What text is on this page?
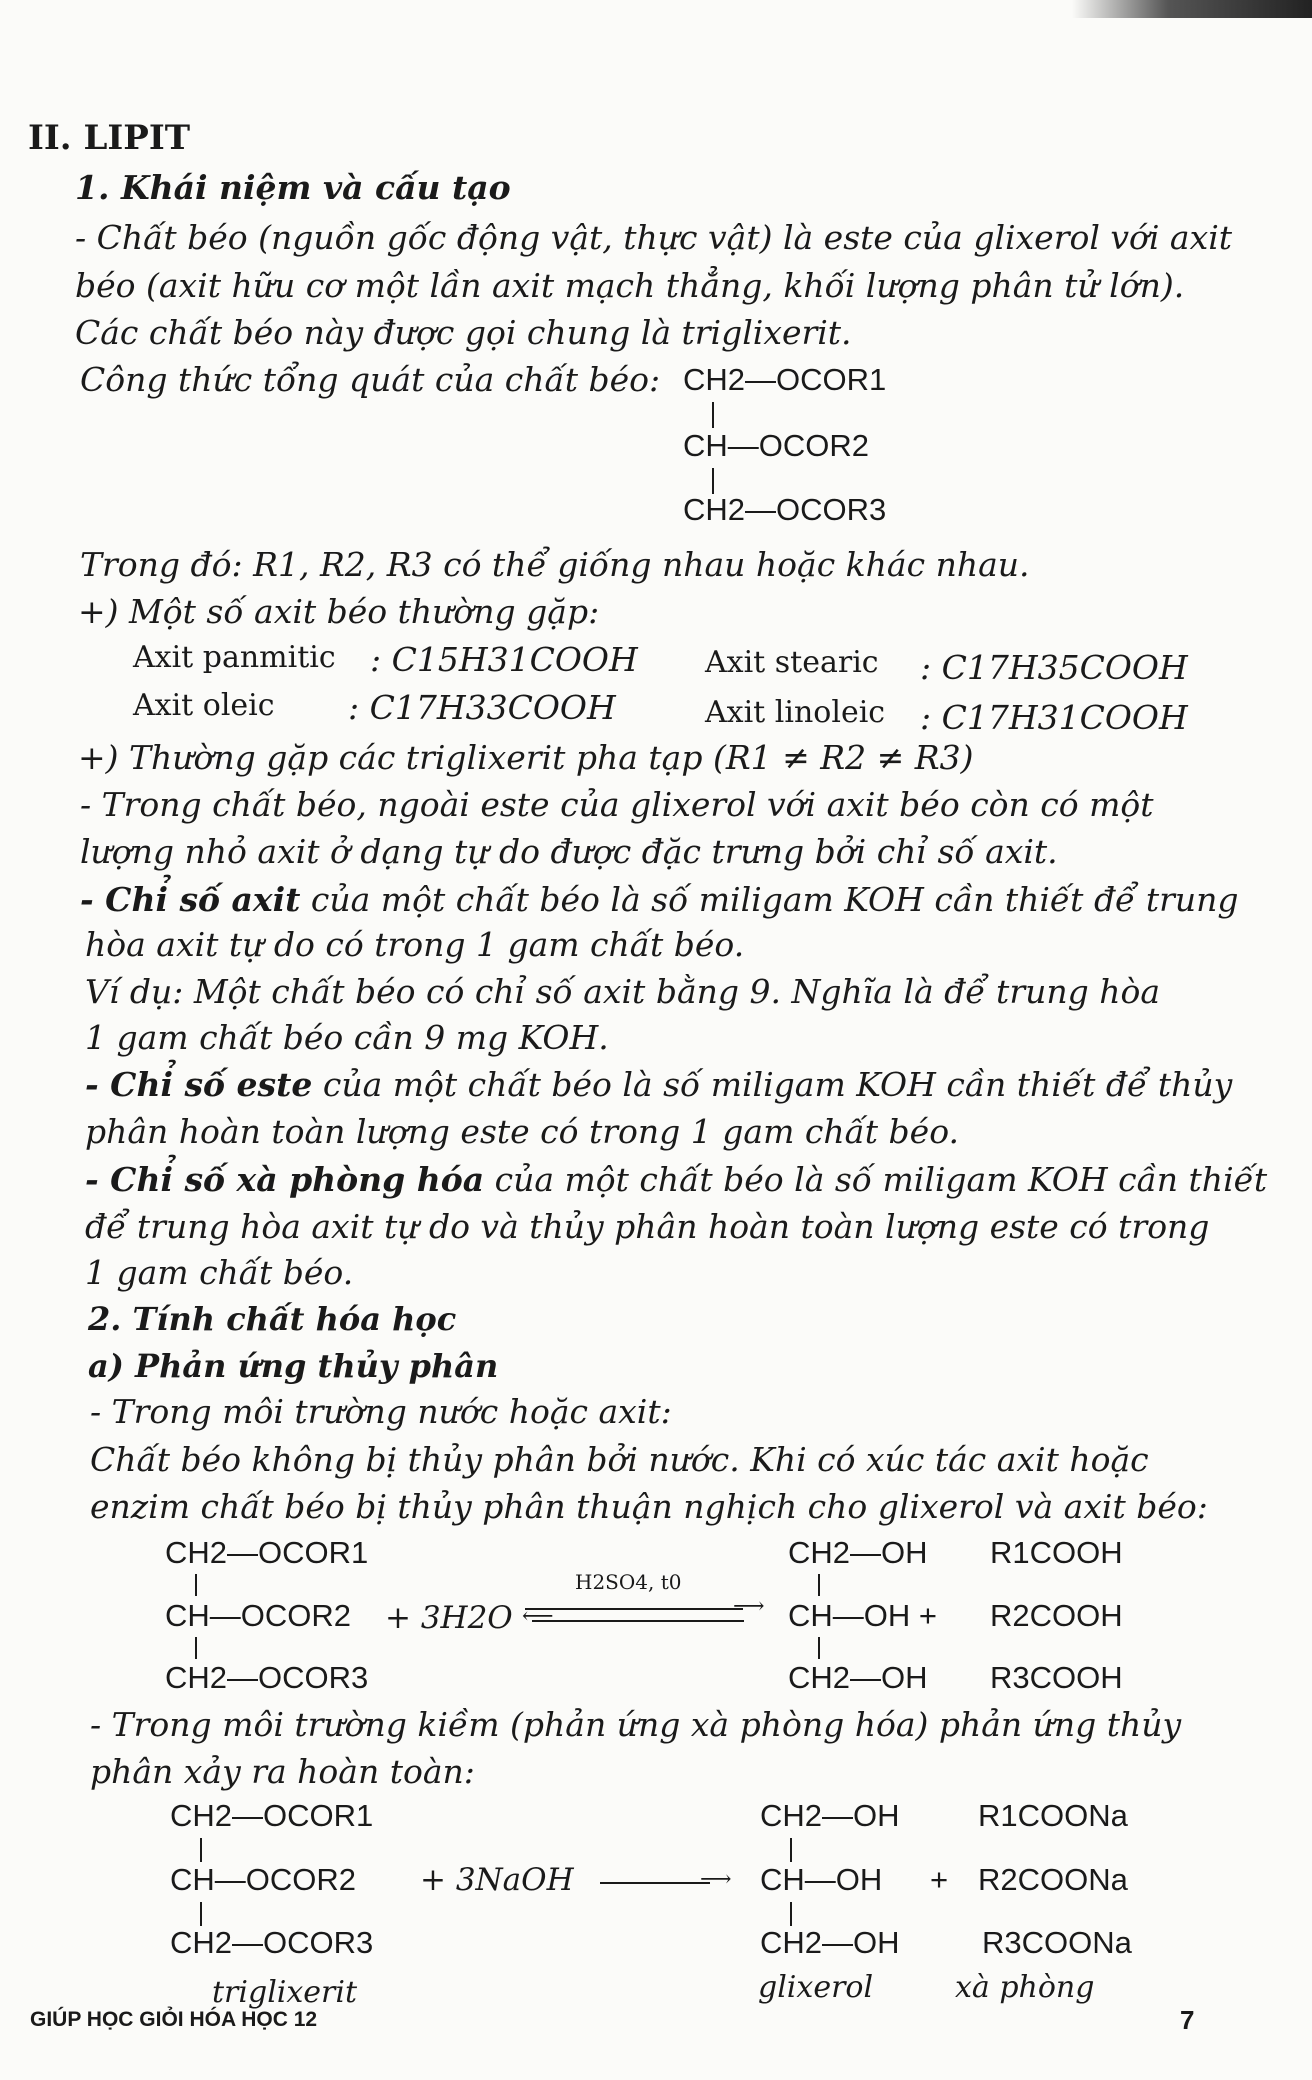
II. LIPIT
1. Khái niệm và cấu tạo
- Chất béo (nguồn gốc động vật, thực vật) là este của glixerol với axit
béo (axit hữu cơ một lần axit mạch thẳng, khối lượng phân tử lớn).
Các chất béo này được gọi chung là triglixerit.
Công thức tổng quát của chất béo: CH2—OCOR1
CH—OCOR2
CH2—OCOR3
Trong đó: R1, R2, R3 có thể giống nhau hoặc khác nhau.
+) Một số axit béo thường gặp:
Axit panmitic : C15H31COOH Axit stearic : C17H35COOH
Axit oleic : C17H33COOH	Axit linoleic : C17H31COOH
+) Thường gặp các triglixerit pha tạp (R1 ≠ R2 ≠ R3)
- Trong chất béo, ngoài este của glixerol với axit béo còn có một
lượng nhỏ axit ở dạng tự do được đặc trưng bởi chỉ số axit.
- Chỉ số axit của một chất béo là số miligam KOH cần thiết để trung
hòa axit tự do có trong 1 gam chất béo.
Ví dụ: Một chất béo có chỉ số axit bằng 9. Nghĩa là để trung hòa
1 gam chất béo cần 9 mg KOH.
- Chỉ số este của một chất béo là số miligam KOH cần thiết để thủy
phân hoàn toàn lượng este có trong 1 gam chất béo.
- Chỉ số xà phòng hóa của một chất béo là số miligam KOH cần thiết
để trung hòa axit tự do và thủy phân hoàn toàn lượng este có trong
1 gam chất béo.
2. Tính chất hóa học
a) Phản ứng thủy phân
- Trong môi trường nước hoặc axit:
Chất béo không bị thủy phân bởi nước. Khi có xúc tác axit hoặc
enzim chất béo bị thủy phân thuận nghịch cho glixerol và axit béo:
CH2—OCOR1
CH—OCOR2
CH2—OCOR3
+ 3H2O
H2SO4, t0
⟶
⟵
CH2—OH
CH—OH +
CH2—OH
R1COOH
R2COOH
R3COOH
- Trong môi trường kiềm (phản ứng xà phòng hóa) phản ứng thủy
phân xảy ra hoàn toàn:
CH2—OCOR1
CH—OCOR2
CH2—OCOR3
+ 3NaOH	⟶
CH2—OH
CH—OH
CH2—OH
+
R1COONa
R2COONa
R3COONa
triglixerit	glixerol	xà phòng
GIÚP HỌC GIỎI HÓA HỌC 12	7
